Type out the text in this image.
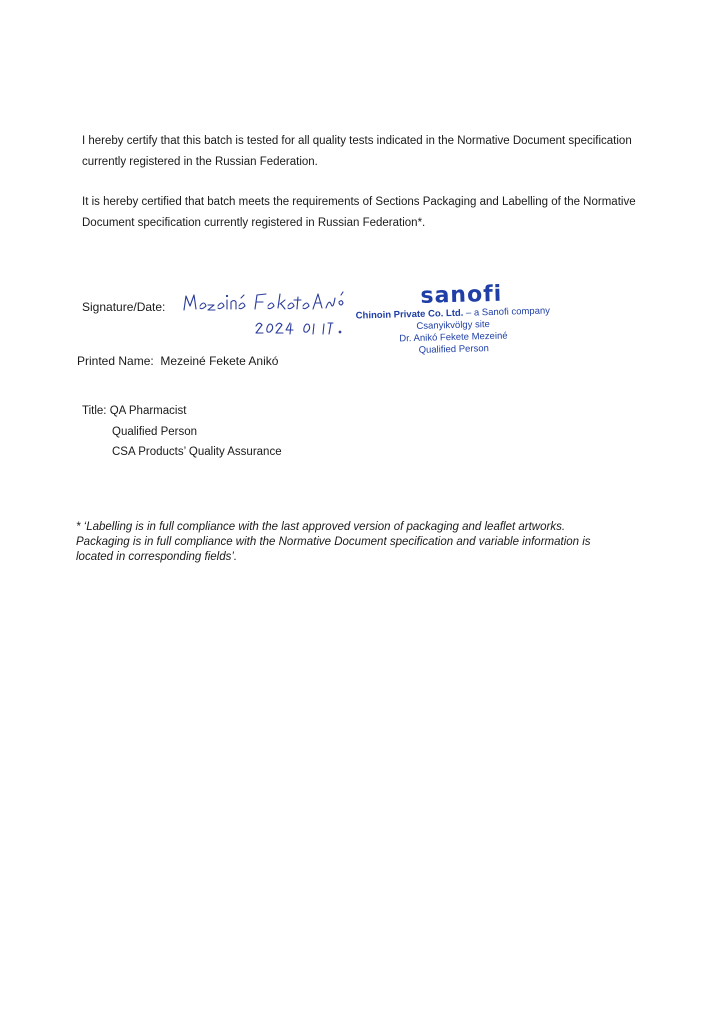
I hereby certify that this batch is tested for all quality tests indicated in the Normative Document specification

currently registered in the Russian Federation.

It is hereby certified that batch meets the requirements of Sections Packaging and Labelling of the Normative

Document specification currently registered in Russian Federation*.

Signature/Date:	sanofi
Chinoin Private Co. Ltd. – a Sanofi company
Csanyikvölgy site
Dr. Anikó Fekete Mezeiné
Qualified Person
Printed Name: Mezeiné Fekete Anikó
Title: QA Pharmacist
Qualified Person
CSA Products’ Quality Assurance

* ‘Labelling is in full compliance with the last approved version of packaging and leaflet artworks.

Packaging is in full compliance with the Normative Document specification and variable information is

located in corresponding fields’.
